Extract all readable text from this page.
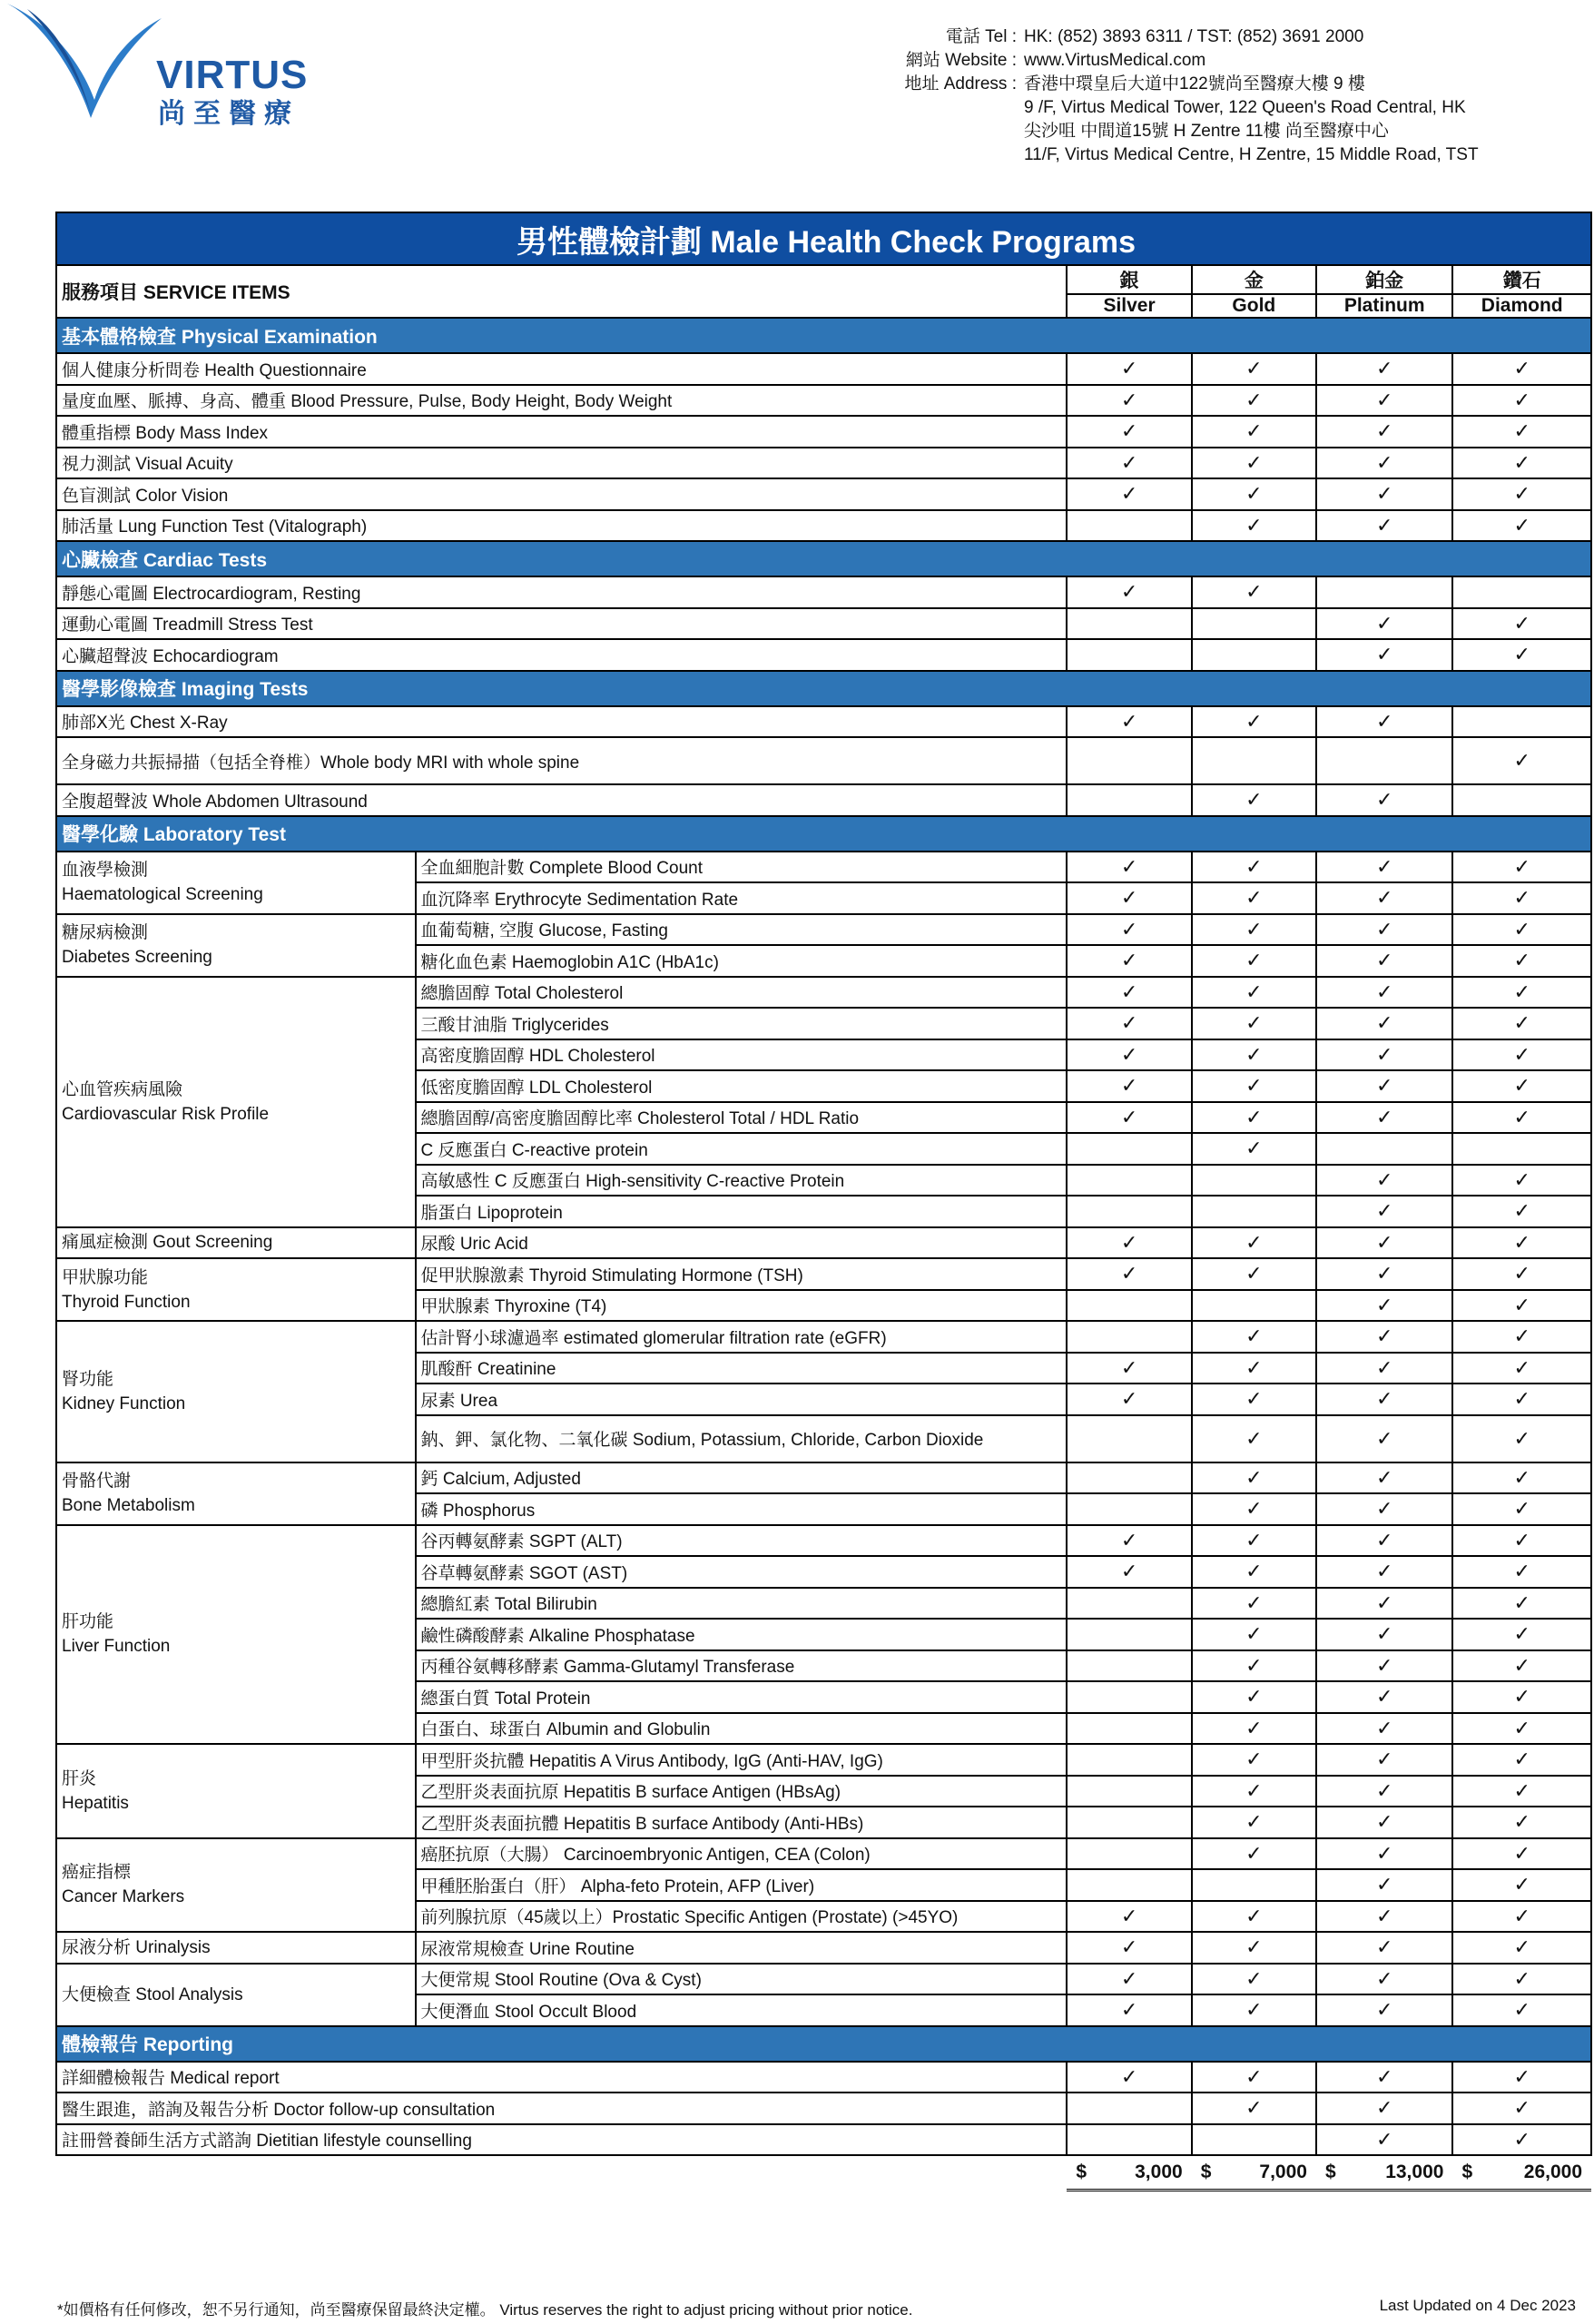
VIRTUS
尚至醫療
電話 Tel : HK: (852) 3893 6311 / TST: (852) 3691 2000
網站 Website : www.VirtusMedical.com
地址 Address : 香港中環皇后大道中122號尚至醫療大樓 9 樓
9 /F, Virtus Medical Tower, 122 Queen's Road Central, HK
尖沙咀 中間道15號 H Zentre 11樓 尚至醫療中心
11/F, Virtus Medical Centre, H Zentre, 15 Middle Road, TST
男性體檢計劃 Male Health Check Programs					
服務項目 SERVICE ITEMS		銀	金	鉑金	鑽石
		Silver	Gold	Platinum	Diamond
基本體格檢查 Physical Examination					
個人健康分析問卷 Health Questionnaire		✓	✓	✓	✓
量度血壓、脈搏、身高、體重 Blood Pressure, Pulse, Body Height, Body Weight		✓	✓	✓	✓
體重指標 Body Mass Index		✓	✓	✓	✓
視力測試 Visual Acuity		✓	✓	✓	✓
色盲測試 Color Vision		✓	✓	✓	✓
肺活量 Lung Function Test (Vitalograph)			✓	✓	✓
心臟檢查 Cardiac Tests					
靜態心電圖 Electrocardiogram, Resting		✓	✓		
運動心電圖 Treadmill Stress Test				✓	✓
心臟超聲波 Echocardiogram				✓	✓
醫學影像檢查 Imaging Tests					
肺部X光 Chest X-Ray		✓	✓	✓	
全身磁力共振掃描（包括全脊椎）Whole body MRI with whole spine					✓
全腹超聲波 Whole Abdomen Ultrasound			✓	✓	
醫學化驗 Laboratory Test					

血液學檢測
Haematological Screening	全血細胞計數 Complete Blood Count	✓	✓	✓	✓
	血沉降率 Erythrocyte Sedimentation Rate	✓	✓	✓	✓

糖尿病檢測
Diabetes Screening	血葡萄糖, 空腹 Glucose, Fasting	✓	✓	✓	✓
	糖化血色素 Haemoglobin A1C (HbA1c)	✓	✓	✓	✓

心血管疾病風險
Cardiovascular Risk Profile	總膽固醇 Total Cholesterol	✓	✓	✓	✓
	三酸甘油脂 Triglycerides	✓	✓	✓	✓
	高密度膽固醇 HDL Cholesterol	✓	✓	✓	✓
	低密度膽固醇 LDL Cholesterol	✓	✓	✓	✓
	總膽固醇/高密度膽固醇比率 Cholesterol Total / HDL Ratio	✓	✓	✓	✓
	C 反應蛋白 C-reactive protein		✓		
	高敏感性 C 反應蛋白 High-sensitivity C-reactive Protein			✓	✓
	脂蛋白 Lipoprotein			✓	✓

痛風症檢測 Gout Screening	尿酸 Uric Acid	✓	✓	✓	✓

甲狀腺功能
Thyroid Function	促甲狀腺激素 Thyroid Stimulating Hormone (TSH)	✓	✓	✓	✓
	甲狀腺素 Thyroxine (T4)			✓	✓

腎功能
Kidney Function	估計腎小球濾過率 estimated glomerular filtration rate (eGFR)		✓	✓	✓
	肌酸酐 Creatinine	✓	✓	✓	✓
	尿素 Urea	✓	✓	✓	✓
	鈉、鉀、氯化物、二氧化碳 Sodium, Potassium, Chloride, Carbon Dioxide		✓	✓	✓

骨骼代謝
Bone Metabolism	鈣 Calcium, Adjusted		✓	✓	✓
	磷 Phosphorus		✓	✓	✓

肝功能
Liver Function	谷丙轉氨酵素 SGPT (ALT)	✓	✓	✓	✓
	谷草轉氨酵素 SGOT (AST)	✓	✓	✓	✓
	總膽紅素 Total Bilirubin		✓	✓	✓
	鹼性磷酸酵素 Alkaline Phosphatase		✓	✓	✓
	丙種谷氨轉移酵素 Gamma-Glutamyl Transferase		✓	✓	✓
	總蛋白質 Total Protein		✓	✓	✓
	白蛋白、球蛋白 Albumin and Globulin		✓	✓	✓

肝炎
Hepatitis	甲型肝炎抗體 Hepatitis A Virus Antibody, IgG (Anti-HAV, IgG)		✓	✓	✓
	乙型肝炎表面抗原 Hepatitis B surface Antigen (HBsAg)		✓	✓	✓
	乙型肝炎表面抗體 Hepatitis B surface Antibody (Anti-HBs)		✓	✓	✓

癌症指標
Cancer Markers	癌胚抗原（大腸） Carcinoembryonic Antigen, CEA (Colon)		✓	✓	✓
	甲種胚胎蛋白（肝） Alpha-feto Protein, AFP (Liver)			✓	✓
	前列腺抗原（45歲以上）Prostatic Specific Antigen (Prostate) (>45YO)	✓	✓	✓	✓

尿液分析 Urinalysis	尿液常規檢查 Urine Routine	✓	✓	✓	✓

大便檢查 Stool Analysis	大便常規 Stool Routine (Ova & Cyst)	✓	✓	✓	✓
	大便潛血 Stool Occult Blood	✓	✓	✓	✓
體檢報告 Reporting					
詳細體檢報告 Medical report		✓	✓	✓	✓
醫生跟進，諮詢及報告分析 Doctor follow-up consultation			✓	✓	✓
註冊營養師生活方式諮詢 Dietitian lifestyle counselling				✓	✓

		$ 3,000	$ 7,000	$ 13,000	$ 26,000
*如價格有任何修改，恕不另行通知，尚至醫療保留最終決定權。 Virtus reserves the right to adjust pricing without prior notice.	Last Updated on 4 Dec 2023
